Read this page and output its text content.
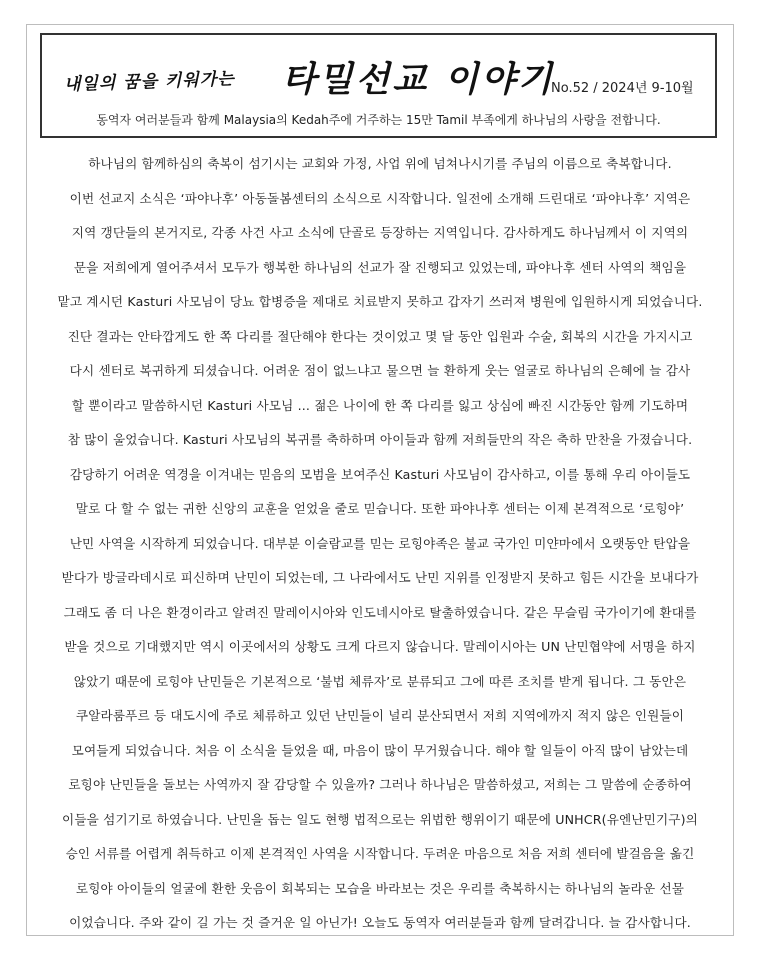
내일의 꿈을 키워가는 타밀선교 이야기
No.52 / 2024년 9-10월
동역자 여러분들과 함께 Malaysia의 Kedah주에 거주하는 15만 Tamil 부족에게 하나님의 사랑을 전합니다.

하나님의 함께하심의 축복이 섬기시는 교회와 가정, 사업 위에 넘쳐나시기를 주님의 이름으로 축복합니다.

이번 선교지 소식은 ‘파야나후’ 아동돌봄센터의 소식으로 시작합니다. 일전에 소개해 드린대로 ‘파야나후’ 지역은

지역 갱단들의 본거지로, 각종 사건 사고 소식에 단골로 등장하는 지역입니다. 감사하게도 하나님께서 이 지역의

문을 저희에게 열어주셔서 모두가 행복한 하나님의 선교가 잘 진행되고 있었는데, 파야나후 센터 사역의 책임을

맡고 계시던 Kasturi 사모님이 당뇨 합병증을 제대로 치료받지 못하고 갑자기 쓰러져 병원에 입원하시게 되었습니다.

진단 결과는 안타깝게도 한 쪽 다리를 절단해야 한다는 것이었고 몇 달 동안 입원과 수술, 회복의 시간을 가지시고

다시 센터로 복귀하게 되셨습니다. 어려운 점이 없느냐고 물으면 늘 환하게 웃는 얼굴로 하나님의 은혜에 늘 감사

할 뿐이라고 말씀하시던 Kasturi 사모님 ... 젊은 나이에 한 쪽 다리를 잃고 상심에 빠진 시간동안 함께 기도하며

참 많이 울었습니다. Kasturi 사모님의 복귀를 축하하며 아이들과 함께 저희들만의 작은 축하 만찬을 가졌습니다.

감당하기 어려운 역경을 이겨내는 믿음의 모범을 보여주신 Kasturi 사모님이 감사하고, 이를 통해 우리 아이들도

말로 다 할 수 없는 귀한 신앙의 교훈을 얻었을 줄로 믿습니다. 또한 파야나후 센터는 이제 본격적으로 ‘로힝야’

난민 사역을 시작하게 되었습니다. 대부분 이슬람교를 믿는 로힝야족은 불교 국가인 미얀마에서 오랫동안 탄압을

받다가 방글라데시로 피신하며 난민이 되었는데, 그 나라에서도 난민 지위를 인정받지 못하고 힘든 시간을 보내다가

그래도 좀 더 나은 환경이라고 알려진 말레이시아와 인도네시아로 탈출하였습니다. 같은 무슬림 국가이기에 환대를

받을 것으로 기대했지만 역시 이곳에서의 상황도 크게 다르지 않습니다. 말레이시아는 UN 난민협약에 서명을 하지

않았기 때문에 로힝야 난민들은 기본적으로 ‘불법 체류자’로 분류되고 그에 따른 조치를 받게 됩니다. 그 동안은

쿠알라룸푸르 등 대도시에 주로 체류하고 있던 난민들이 널리 분산되면서 저희 지역에까지 적지 않은 인원들이

모여들게 되었습니다. 처음 이 소식을 들었을 때, 마음이 많이 무거웠습니다. 해야 할 일들이 아직 많이 남았는데

로힝야 난민들을 돌보는 사역까지 잘 감당할 수 있을까? 그러나 하나님은 말씀하셨고, 저희는 그 말씀에 순종하여

이들을 섬기기로 하였습니다. 난민을 돕는 일도 현행 법적으로는 위법한 행위이기 때문에 UNHCR(유엔난민기구)의

승인 서류를 어렵게 취득하고 이제 본격적인 사역을 시작합니다. 두려운 마음으로 처음 저희 센터에 발걸음을 옮긴

로힝야 아이들의 얼굴에 환한 웃음이 회복되는 모습을 바라보는 것은 우리를 축복하시는 하나님의 놀라운 선물

이었습니다. 주와 같이 길 가는 것 즐거운 일 아닌가! 오늘도 동역자 여러분들과 함께 달려갑니다. 늘 감사합니다.
